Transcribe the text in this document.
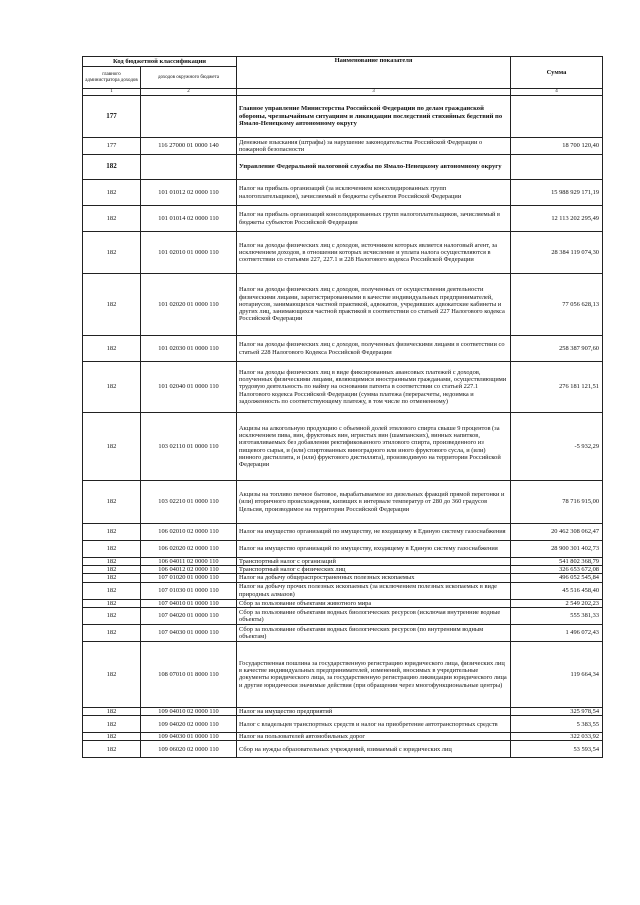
Код бюджетной классификации		Наименование показателя	Сумма
главного администратора доходов	доходов окружного бюджета		
1	2	3	4
177		Главное управление Министерства Российской Федерации по делам гражданской обороны, чрезвычайным ситуациям и ликвидации последствий стихийных бедствий по Ямало-Ненецкому автономному округу	
177	116 27000 01 0000 140	Денежные взыскания (штрафы) за нарушение законодательства Российской Федерации о пожарной безопасности	18 700 120,40
182		Управление Федеральной налоговой службы по Ямало-Ненецкому автономному округу	
182	101 01012 02 0000 110	Налог на прибыль организаций (за исключением консолидированных групп налогоплательщиков), зачисляемый в бюджеты субъектов Российской Федерации	15 988 929 171,19
182	101 01014 02 0000 110	Налог на прибыль организаций консолидированных групп налогоплательщиков, зачисляемый в бюджеты субъектов Российской Федерации	12 113 202 295,49
182	101 02010 01 0000 110	Налог на доходы физических лиц с доходов, источником которых является налоговый агент, за исключением доходов, в отношении которых исчисление и уплата налога осуществляются в соответствии со статьями 227, 227.1 и 228 Налогового кодекса Российской Федерации	28 384 119 074,30
182	101 02020 01 0000 110	Налог на доходы физических лиц с доходов, полученных от осуществления деятельности физическими лицами, зарегистрированными в качестве индивидуальных предпринимателей, нотариусов, занимающихся частной практикой, адвокатов, учредивших адвокатские кабинеты и других лиц, занимающихся частной практикой в соответствии со статьей 227 Налогового кодекса Российской Федерации	77 056 628,13
182	101 02030 01 0000 110	Налог на доходы физических лиц с доходов, полученных физическими лицами в соответствии со статьей 228 Налогового Кодекса Российской Федерации	258 387 907,60
182	101 02040 01 0000 110	Налог на доходы физических лиц в виде фиксированных авансовых платежей с доходов, полученных физическими лицами, являющимися иностранными гражданами, осуществляющими трудовую деятельность по найму на основании патента в соответствии со статьей 227.1 Налогового кодекса Российской Федерации (сумма платежа (перерасчеты, недоимка и задолженность по соответствующему платежу, в том числе по отмененному)	276 181 121,51
182	103 02110 01 0000 110	Акцизы на алкогольную продукцию с объемной долей этилового спирта свыше 9 процентов (за исключением пива, вин, фруктовых вин, игристых вин (шампанских), винных напитков, изготавливаемых без добавления ректификованного этилового спирта, произведенного из пищевого сырья, и (или) спиртованных виноградного или иного фруктового сусла, и (или) винного дистиллята, и (или) фруктового дистиллята), производимую на территории Российской Федерации	-5 932,29
182	103 02210 01 0000 110	Акцизы на топливо печное бытовое, вырабатываемое из дизельных фракций прямой перегонки и (или) вторичного происхождения, кипящих в интервале температур от 280 до 360 градусов Цельсия, производимое на территории Российской Федерации	78 716 915,00
182	106 02010 02 0000 110	Налог на имущество организаций по имуществу, не входящему в Единую систему газоснабжения	20 462 308 062,47
182	106 02020 02 0000 110	Налог на имущество организаций по имуществу, входящему в Единую систему газоснабжения	28 900 301 402,73
182	106 04011 02 0000 110	Транспортный налог с организаций	541 802 368,79
182	106 04012 02 0000 110	Транспортный налог с физических лиц	326 653 672,08
182	107 01020 01 0000 110	Налог на добычу общераспространенных полезных ископаемых	496 052 545,84
182	107 01030 01 0000 110	Налог на добычу прочих полезных ископаемых (за исключением полезных ископаемых в виде природных алмазов)	45 516 458,40
182	107 04010 01 0000 110	Сбор за пользование объектами животного мира	2 549 202,23
182	107 04020 01 0000 110	Сбор за пользование объектами водных биологических ресурсов (исключая внутренние водные объекты)	555 381,33
182	107 04030 01 0000 110	Сбор за пользование объектами водных биологических ресурсов (по внутренним водным объектам)	1 496 072,43
182	108 07010 01 8000 110	Государственная пошлина за государственную регистрацию юридического лица, физических лиц в качестве индивидуальных предпринимателей, изменений, вносимых в учредительные документы юридического лица, за государственную регистрацию ликвидации юридического лица и другие юридически значимые действия (при обращении через многофункциональные центры)	119 664,34
182	109 04010 02 0000 110	Налог на имущество предприятий	325 978,54
182	109 04020 02 0000 110	Налог с владельцев транспортных средств и налог на приобретение автотранспортных средств	5 383,55
182	109 04030 01 0000 110	Налог на пользователей автомобильных дорог	322 033,92
182	109 06020 02 0000 110	Сбор на нужды образовательных учреждений, взимаемый с юридических лиц	53 593,54
